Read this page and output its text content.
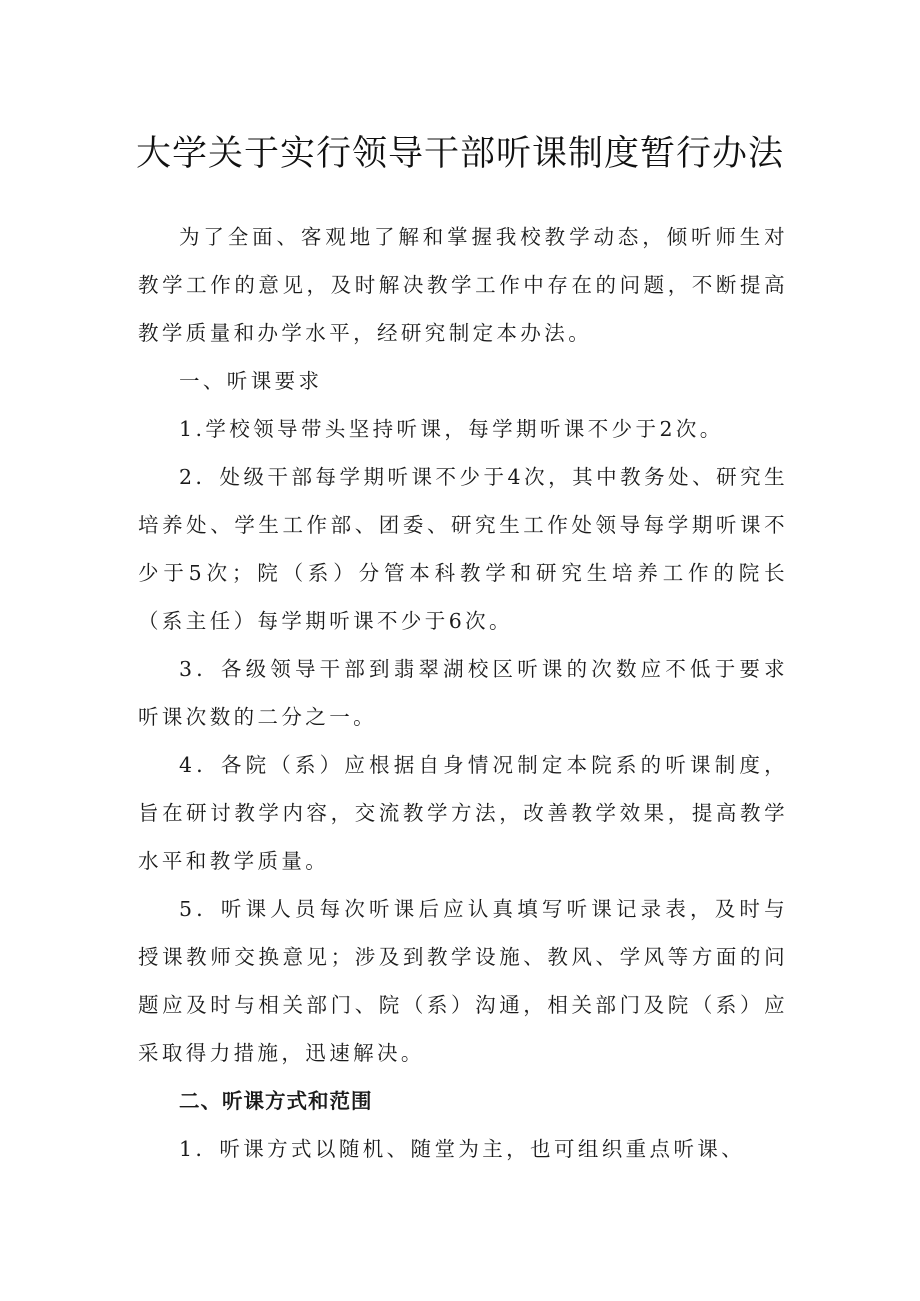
大学关于实行领导干部听课制度暂行办法

为了全面、客观地了解和掌握我校教学动态，倾听师生对教学工作的意见，及时解决教学工作中存在的问题，不断提高教学质量和办学水平，经研究制定本办法。

一、听课要求

1.学校领导带头坚持听课，每学期听课不少于2次。

2．处级干部每学期听课不少于4次，其中教务处、研究生培养处、学生工作部、团委、研究生工作处领导每学期听课不少于5次；院（系）分管本科教学和研究生培养工作的院长（系主任）每学期听课不少于6次。

3．各级领导干部到翡翠湖校区听课的次数应不低于要求听课次数的二分之一。

4．各院（系）应根据自身情况制定本院系的听课制度，旨在研讨教学内容，交流教学方法，改善教学效果，提高教学水平和教学质量。

5．听课人员每次听课后应认真填写听课记录表，及时与授课教师交换意见；涉及到教学设施、教风、学风等方面的问题应及时与相关部门、院（系）沟通，相关部门及院（系）应采取得力措施，迅速解决。

二、听课方式和范围

1．听课方式以随机、随堂为主，也可组织重点听课、
